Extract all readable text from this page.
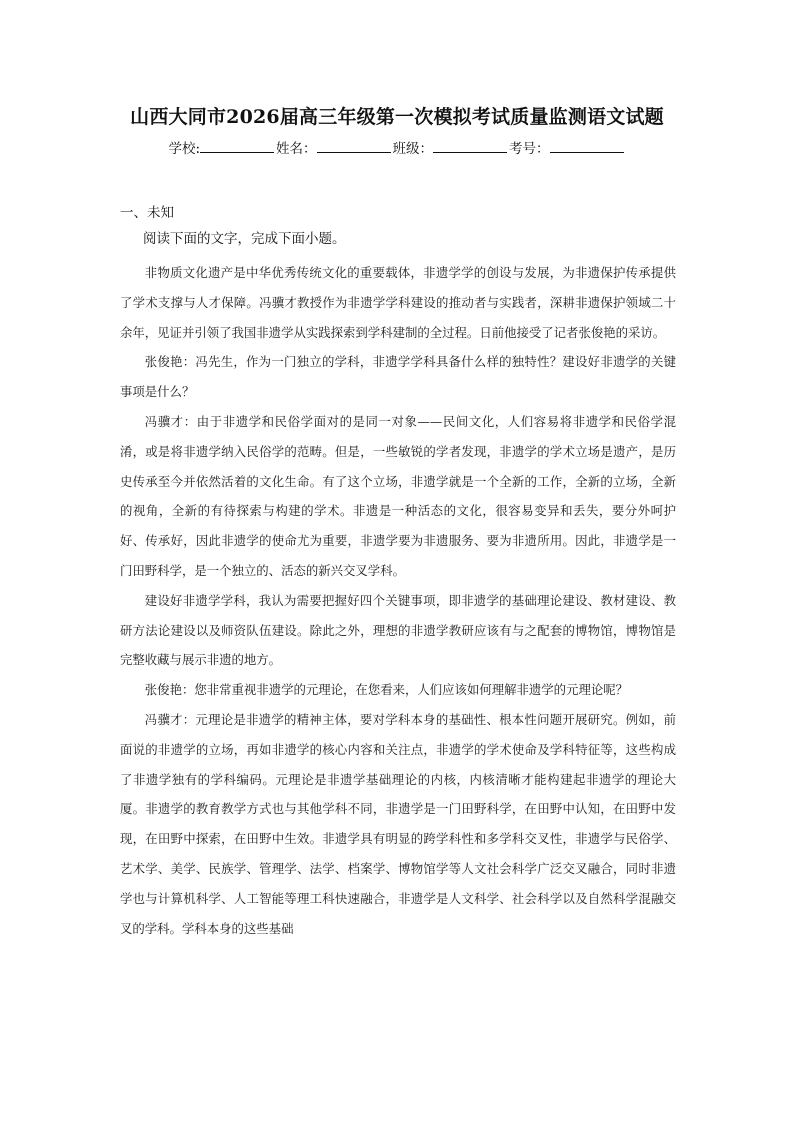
山西大同市2026届高三年级第一次模拟考试质量监测语文试题
学校:	姓名：	班级：	考号：
一、未知
阅读下面的文字，完成下面小题。

非物质文化遗产是中华优秀传统文化的重要载体，非遗学学的创设与发展，为非遗保护传承提供了学术支撑与人才保障。冯骥才教授作为非遗学学科建设的推动者与实践者，深耕非遗保护领域二十余年，见证并引领了我国非遗学从实践探索到学科建制的全过程。日前他接受了记者张俊艳的采访。

张俊艳：冯先生，作为一门独立的学科，非遗学学科具备什么样的独特性？建设好非遗学的关键事项是什么？

冯骥才：由于非遗学和民俗学面对的是同一对象——民间文化，人们容易将非遗学和民俗学混淆，或是将非遗学纳入民俗学的范畴。但是，一些敏锐的学者发现，非遗学的学术立场是遗产，是历史传承至今并依然活着的文化生命。有了这个立场，非遗学就是一个全新的工作，全新的立场，全新的视角，全新的有待探索与构建的学术。非遗是一种活态的文化，很容易变异和丢失，要分外呵护好、传承好，因此非遗学的使命尤为重要，非遗学要为非遗服务、要为非遗所用。因此，非遗学是一门田野科学，是一个独立的、活态的新兴交叉学科。

建设好非遗学学科，我认为需要把握好四个关键事项，即非遗学的基础理论建设、教材建设、教研方法论建设以及师资队伍建设。除此之外，理想的非遗学教研应该有与之配套的博物馆，博物馆是完整收藏与展示非遗的地方。

张俊艳：您非常重视非遗学的元理论，在您看来，人们应该如何理解非遗学的元理论呢？

冯骥才：元理论是非遗学的精神主体，要对学科本身的基础性、根本性问题开展研究。例如，前面说的非遗学的立场，再如非遗学的核心内容和关注点，非遗学的学术使命及学科特征等，这些构成了非遗学独有的学科编码。元理论是非遗学基础理论的内核，内核清晰才能构建起非遗学的理论大厦。非遗学的教育教学方式也与其他学科不同，非遗学是一门田野科学，在田野中认知，在田野中发现，在田野中探索，在田野中生效。非遗学具有明显的跨学科性和多学科交叉性，非遗学与民俗学、艺术学、美学、民族学、管理学、法学、档案学、博物馆学等人文社会科学广泛交叉融合，同时非遗学也与计算机科学、人工智能等理工科快速融合，非遗学是人文科学、社会科学以及自然科学混融交叉的学科。学科本身的这些基础
